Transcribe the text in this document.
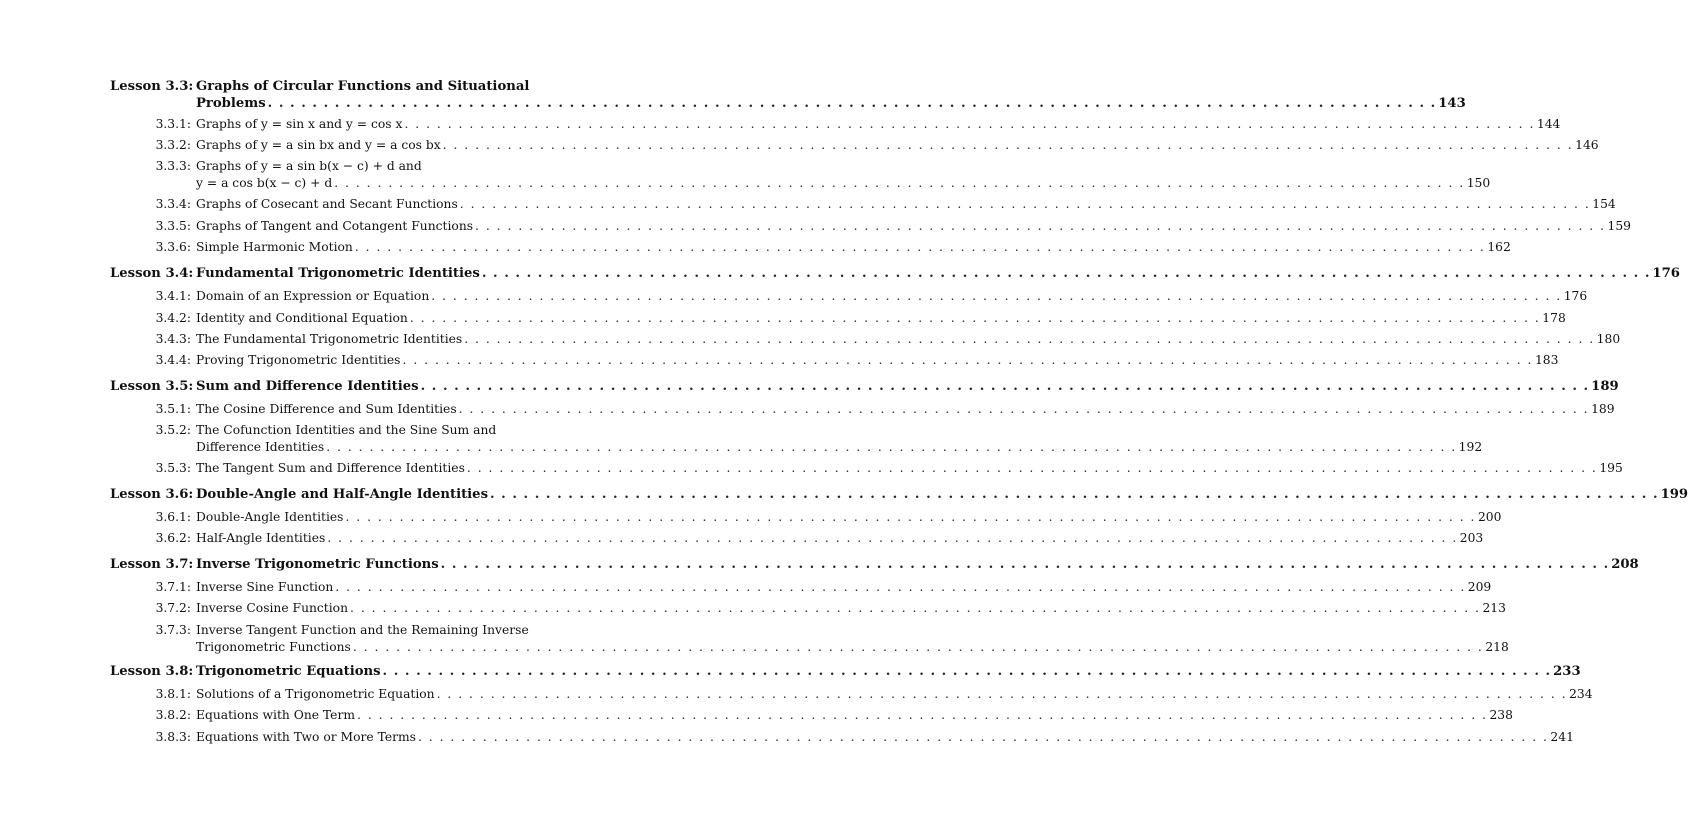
Lesson 3.3: Graphs of Circular Functions and Situational
Problems . . .	143
3.3.1: Graphs of y = sin x and y = cos x . . .	144
3.3.2: Graphs of y = a sin bx and y = a cos bx . . .	146
3.3.3: Graphs of y = a sin b(x − c) + d and
y = a cos b(x − c) + d . . .	150
3.3.4: Graphs of Cosecant and Secant Functions . . .	154
3.3.5: Graphs of Tangent and Cotangent Functions . . .	159
3.3.6: Simple Harmonic Motion . . .	162
Lesson 3.4: Fundamental Trigonometric Identities . . .	176
3.4.1: Domain of an Expression or Equation . . .	176
3.4.2: Identity and Conditional Equation . . .	178
3.4.3: The Fundamental Trigonometric Identities . . .	180
3.4.4: Proving Trigonometric Identities . . .	183
Lesson 3.5: Sum and Difference Identities . . .	189
3.5.1: The Cosine Difference and Sum Identities . . .	189
3.5.2: The Cofunction Identities and the Sine Sum and
Difference Identities . . .	192
3.5.3: The Tangent Sum and Difference Identities . . .	195
Lesson 3.6: Double-Angle and Half-Angle Identities . . .	199
3.6.1: Double-Angle Identities . . .	200
3.6.2: Half-Angle Identities . . .	203
Lesson 3.7: Inverse Trigonometric Functions . . .	208
3.7.1: Inverse Sine Function . . .	209
3.7.2: Inverse Cosine Function . . .	213
3.7.3: Inverse Tangent Function and the Remaining Inverse
Trigonometric Functions . . .	218
Lesson 3.8: Trigonometric Equations . . .	233
3.8.1: Solutions of a Trigonometric Equation . . .	234
3.8.2: Equations with One Term . . .	238
3.8.3: Equations with Two or More Terms . . .	241
